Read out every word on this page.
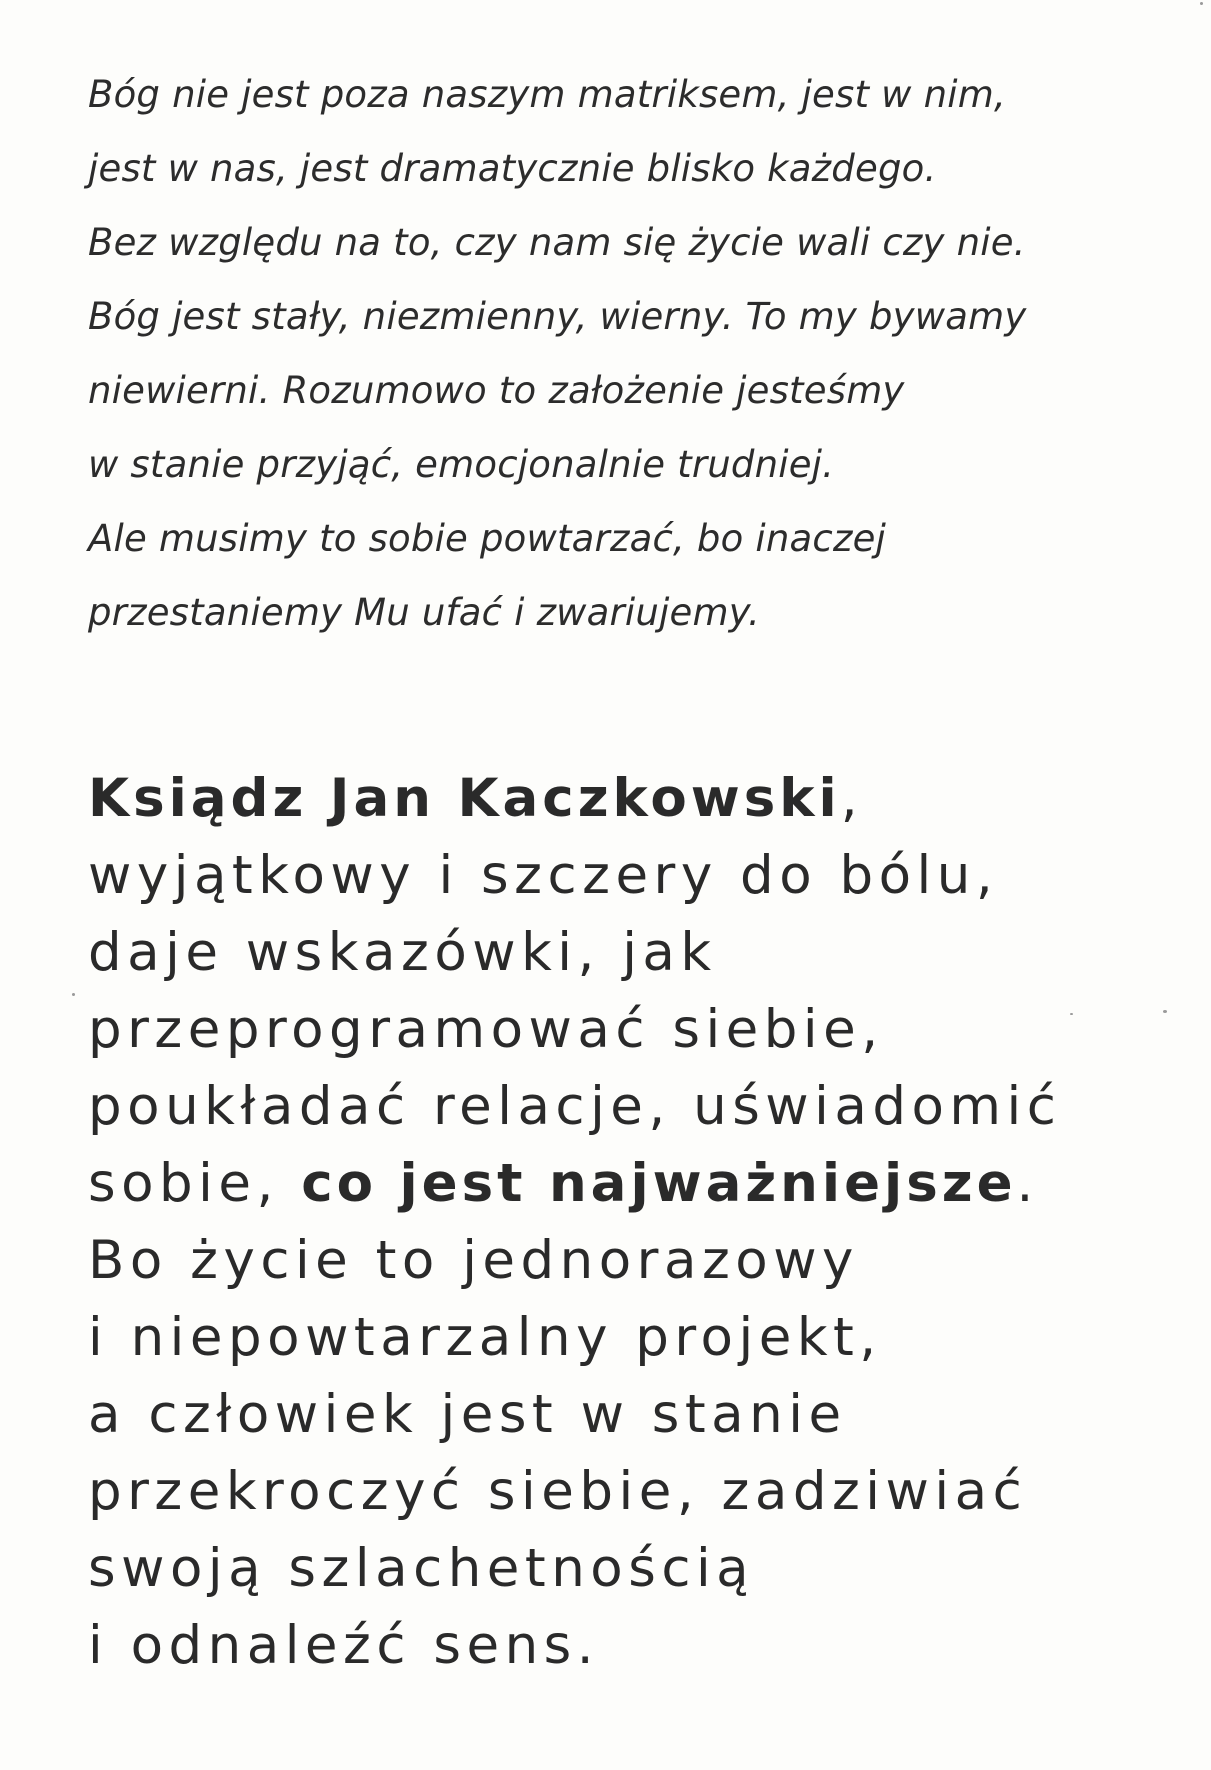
Bóg nie jest poza naszym matriksem, jest w nim,
jest w nas, jest dramatycznie blisko każdego.
Bez względu na to, czy nam się życie wali czy nie.
Bóg jest stały, niezmienny, wierny. To my bywamy
niewierni. Rozumowo to założenie jesteśmy
w stanie przyjąć, emocjonalnie trudniej.
Ale musimy to sobie powtarzać, bo inaczej
przestaniemy Mu ufać i zwariujemy.
Ksiądz Jan Kaczkowski,
wyjątkowy i szczery do bólu,
daje wskazówki, jak
przeprogramować siebie,
poukładać relacje, uświadomić
sobie, co jest najważniejsze.
Bo życie to jednorazowy
i niepowtarzalny projekt,
a człowiek jest w stanie
przekroczyć siebie, zadziwiać
swoją szlachetnością
i odnaleźć sens.
